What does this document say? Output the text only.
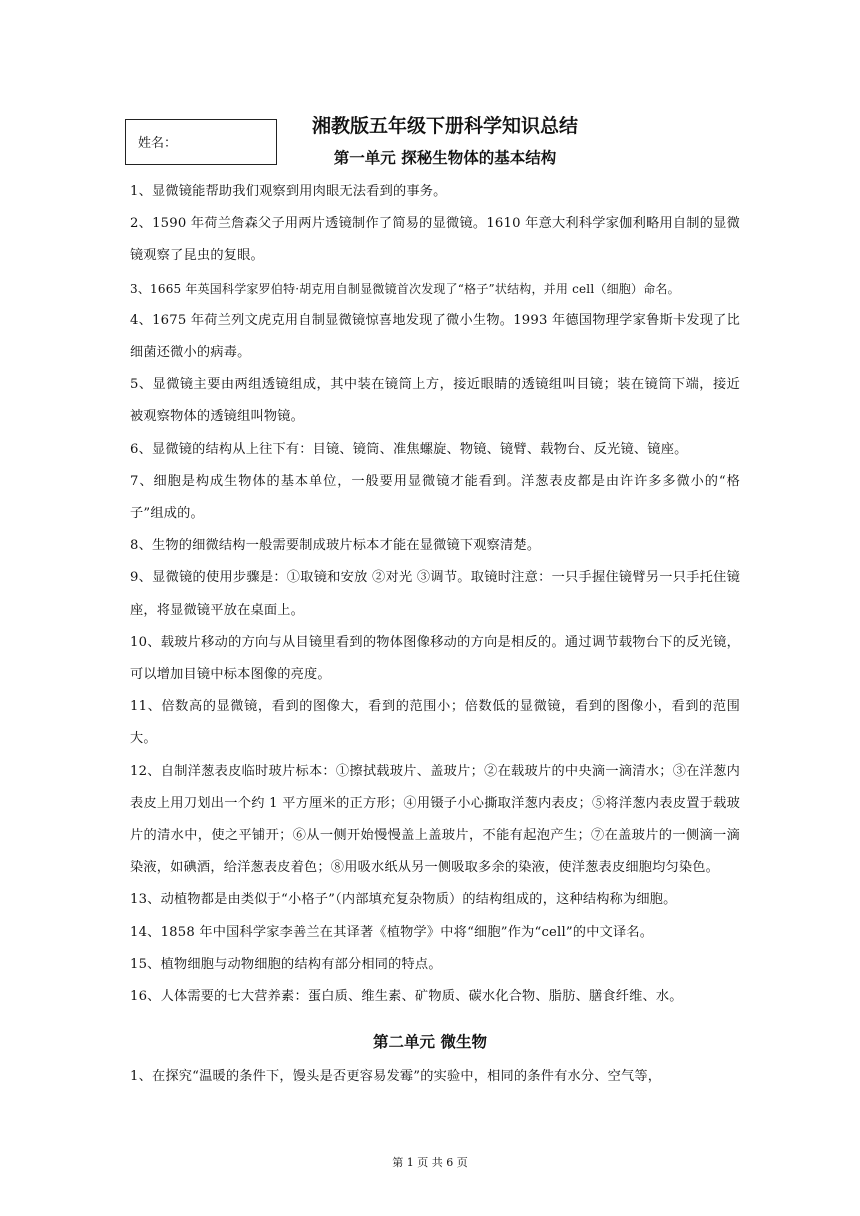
姓名：
湘教版五年级下册科学知识总结
第一单元 探秘生物体的基本结构

1、显微镜能帮助我们观察到用肉眼无法看到的事务。

2、1590 年荷兰詹森父子用两片透镜制作了简易的显微镜。1610 年意大利科学家伽利略用自制的显微镜观察了昆虫的复眼。

3、1665 年英国科学家罗伯特·胡克用自制显微镜首次发现了“格子”状结构，并用 cell（细胞）命名。

4、1675 年荷兰列文虎克用自制显微镜惊喜地发现了微小生物。1993 年德国物理学家鲁斯卡发现了比细菌还微小的病毒。

5、显微镜主要由两组透镜组成，其中装在镜筒上方，接近眼睛的透镜组叫目镜；装在镜筒下端，接近被观察物体的透镜组叫物镜。

6、显微镜的结构从上往下有：目镜、镜筒、准焦螺旋、物镜、镜臂、载物台、反光镜、镜座。

7、细胞是构成生物体的基本单位，一般要用显微镜才能看到。洋葱表皮都是由许许多多微小的“格子”组成的。

8、生物的细微结构一般需要制成玻片标本才能在显微镜下观察清楚。

9、显微镜的使用步骤是：①取镜和安放 ②对光 ③调节。取镜时注意：一只手握住镜臂另一只手托住镜座，将显微镜平放在桌面上。

10、载玻片移动的方向与从目镜里看到的物体图像移动的方向是相反的。通过调节载物台下的反光镜，可以增加目镜中标本图像的亮度。

11、倍数高的显微镜，看到的图像大，看到的范围小；倍数低的显微镜，看到的图像小，看到的范围大。

12、自制洋葱表皮临时玻片标本：①擦拭载玻片、盖玻片；②在载玻片的中央滴一滴清水；③在洋葱内表皮上用刀划出一个约 1 平方厘米的正方形；④用镊子小心撕取洋葱内表皮；⑤将洋葱内表皮置于载玻片的清水中，使之平铺开；⑥从一侧开始慢慢盖上盖玻片，不能有起泡产生；⑦在盖玻片的一侧滴一滴染液，如碘酒，给洋葱表皮着色；⑧用吸水纸从另一侧吸取多余的染液，使洋葱表皮细胞均匀染色。

13、动植物都是由类似于“小格子”（内部填充复杂物质）的结构组成的，这种结构称为细胞。

14、1858 年中国科学家李善兰在其译著《植物学》中将“细胞”作为“cell”的中文译名。

15、植物细胞与动物细胞的结构有部分相同的特点。

16、人体需要的七大营养素：蛋白质、维生素、矿物质、碳水化合物、脂肪、膳食纤维、水。

第二单元 微生物

1、在探究“温暖的条件下，馒头是否更容易发霉”的实验中，相同的条件有水分、空气等，

第 1 页 共 6 页
